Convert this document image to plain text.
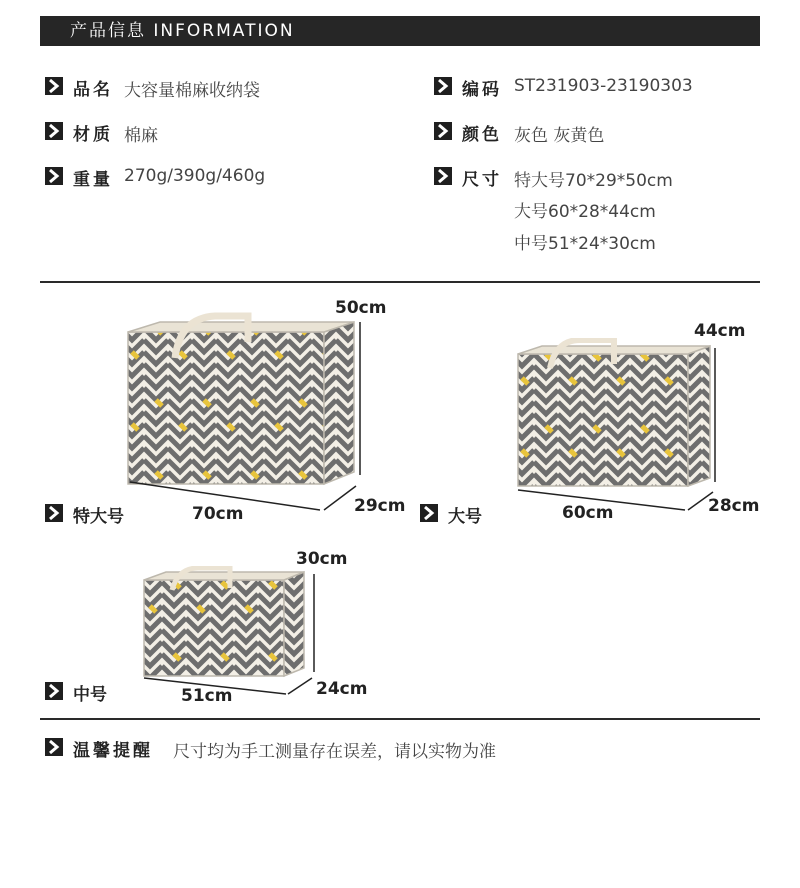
产品信息 INFORMATION
品名 大容量棉麻收纳袋	编码 ST231903-23190303
材质 棉麻	颜色 灰色 灰黄色
重量 270g/390g/460g	尺寸 特大号70*29*50cm
大号60*28*44cm
中号51*24*30cm
50cm
70cm	29cm
特大号
44cm
60cm	28cm
大号
30cm
51cm	24cm
中号
温馨提醒 尺寸均为手工测量存在误差，请以实物为准
